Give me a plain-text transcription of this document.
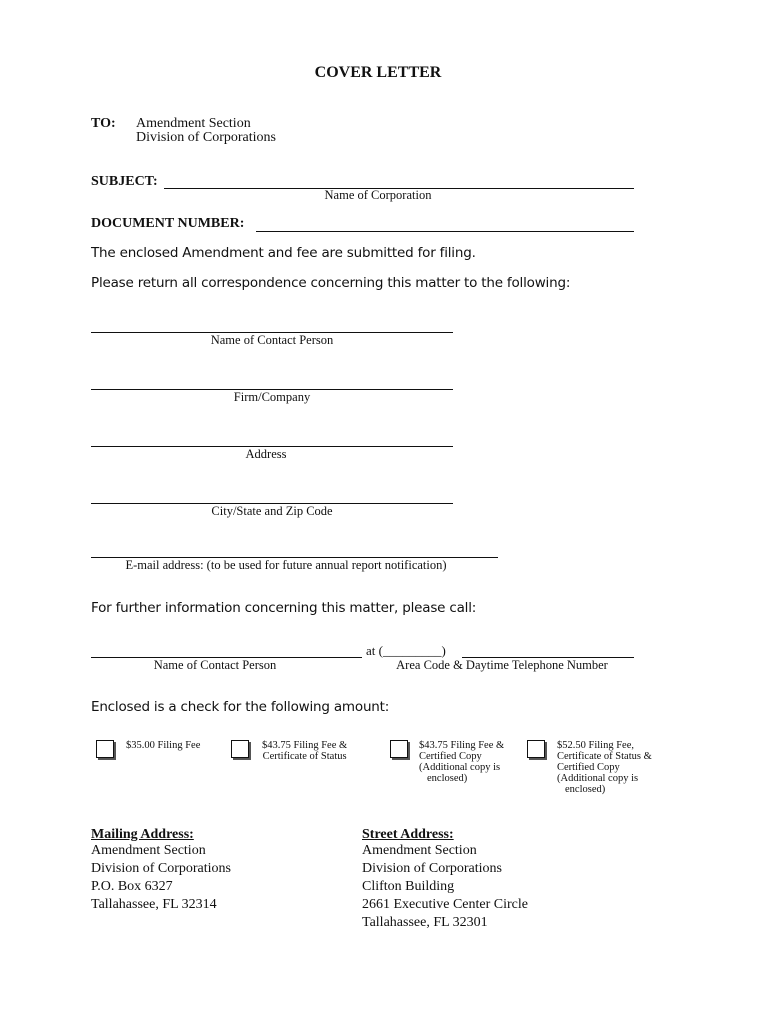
COVER LETTER
TO: Amendment Section
Division of Corporations
SUBJECT:
Name of Corporation
DOCUMENT NUMBER:
The enclosed Amendment and fee are submitted for filing.
Please return all correspondence concerning this matter to the following:
Name of Contact Person
Firm/Company
Address
City/State and Zip Code
E-mail address: (to be used for future annual report notification)
For further information concerning this matter, please call:
at (_________)
Name of Contact Person	Area Code & Daytime Telephone Number
Enclosed is a check for the following amount:
$35.00 Filing Fee	$43.75 Filing Fee &
Certificate of Status
$43.75 Filing Fee &
Certified Copy
(Additional copy is
enclosed)
$52.50 Filing Fee,
Certificate of Status &
Certified Copy
(Additional copy is
enclosed)
Mailing Address:
Amendment Section
Division of Corporations
P.O. Box 6327
Tallahassee, FL 32314
Street Address:
Amendment Section
Division of Corporations
Clifton Building
2661 Executive Center Circle
Tallahassee, FL 32301
